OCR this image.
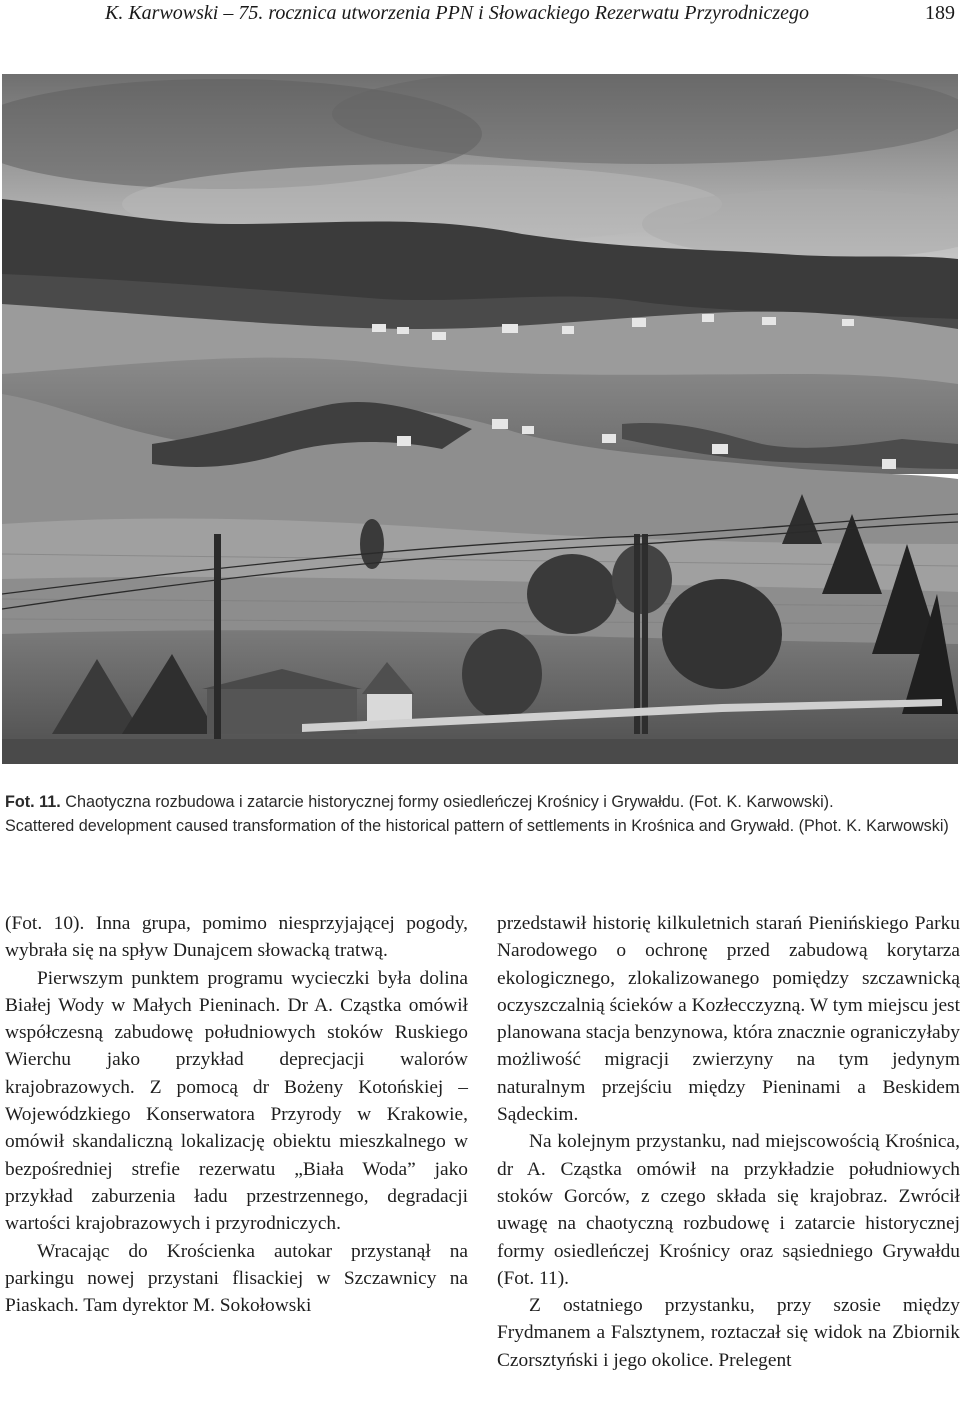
K. Karwowski – 75. rocznica utworzenia PPN i Słowackiego Rezerwatu Przyrodniczego	189

Fot. 11. Chaotyczna rozbudowa i zatarcie historycznej formy osiedleńczej Krośnicy i Grywałdu. (Fot. K. Karwowski).

Scattered development caused transformation of the historical pattern of settlements in Krośnica and Grywałd. (Phot. K. Karwowski)

(Fot. 10). Inna grupa, pomimo niesprzyjającej pogody, wybrała się na spływ Dunajcem słowacką tratwą.

Pierwszym punktem programu wycieczki była dolina Białej Wody w Małych Pieninach. Dr A. Cząstka omówił współczesną zabudowę południowych stoków Ruskiego Wierchu jako przykład deprecjacji walorów krajobrazowych. Z pomocą dr Bożeny Kotońskiej – Wojewódzkiego Konserwatora Przyrody w Krakowie, omówił skandaliczną lokalizację obiektu mieszkalnego w bezpośredniej strefie rezerwatu „Biała Woda” jako przykład zaburzenia ładu przestrzennego, degradacji wartości krajobrazowych i przyrodniczych.

Wracając do Krościenka autokar przystanął na parkingu nowej przystani flisackiej w Szczawnicy na Piaskach. Tam dyrektor M. Sokołowski

przedstawił historię kilkuletnich starań Pienińskiego Parku Narodowego o ochronę przed zabudową korytarza ekologicznego, zlokalizowanego pomiędzy szczawnicką oczyszczalnią ścieków a Kozłecczyzną. W tym miejscu jest planowana stacja benzynowa, która znacznie ograniczyłaby możliwość migracji zwierzyny na tym jedynym naturalnym przejściu między Pieninami a Beskidem Sądeckim.

Na kolejnym przystanku, nad miejscowością Krośnica, dr A. Cząstka omówił na przykładzie południowych stoków Gorców, z czego składa się krajobraz. Zwrócił uwagę na chaotyczną rozbudowę i zatarcie historycznej formy osiedleńczej Krośnicy oraz sąsiedniego Grywałdu (Fot. 11).

Z ostatniego przystanku, przy szosie między Frydmanem a Falsztynem, roztaczał się widok na Zbiornik Czorsztyński i jego okolice. Prelegent
